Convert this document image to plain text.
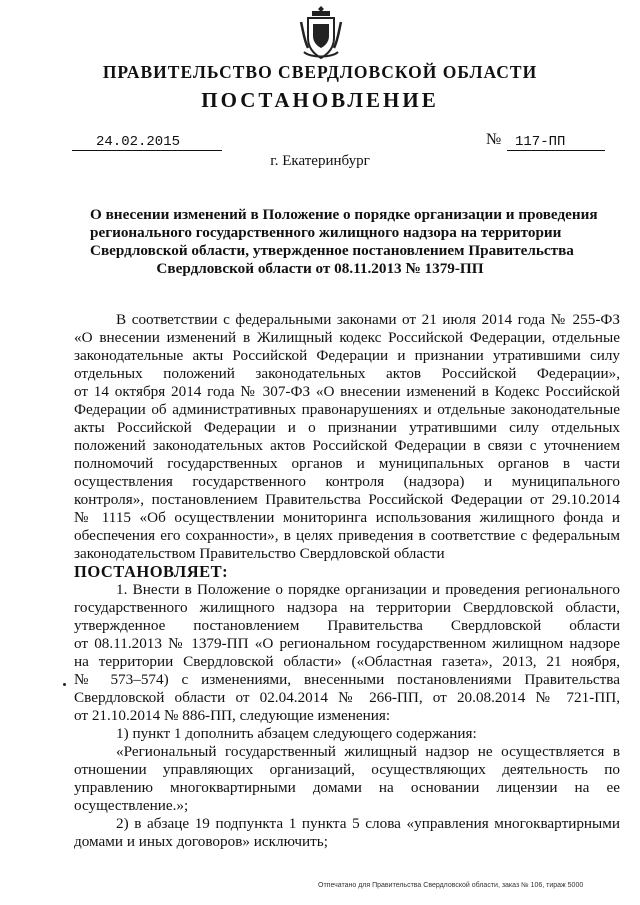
ПРАВИТЕЛЬСТВО СВЕРДЛОВСКОЙ ОБЛАСТИ
ПОСТАНОВЛЕНИЕ
24.02.2015	№ 117-ПП
г. Екатеринбург
О внесении изменений в Положение о порядке организации и проведения
регионального государственного жилищного надзора на территории
Свердловской области, утвержденное постановлением Правительства
Свердловской области от 08.11.2013 № 1379-ПП
В соответствии с федеральными законами от 21 июля 2014 года № 255-ФЗ
«О внесении изменений в Жилищный кодекс Российской Федерации, отдельные
законодательные акты Российской Федерации и признании утратившими силу
отдельных положений законодательных актов Российской Федерации»,
от 14 октября 2014 года № 307-ФЗ «О внесении изменений в Кодекс Российской
Федерации об административных правонарушениях и отдельные законодательные
акты Российской Федерации и о признании утратившими силу отдельных
положений законодательных актов Российской Федерации в связи с уточнением
полномочий государственных органов и муниципальных органов в части
осуществления государственного контроля (надзора) и муниципального
контроля», постановлением Правительства Российской Федерации от 29.10.2014
№ 1115 «Об осуществлении мониторинга использования жилищного фонда и
обеспечения его сохранности», в целях приведения в соответствие с федеральным
законодательством Правительство Свердловской области
ПОСТАНОВЛЯЕТ:
1. Внести в Положение о порядке организации и проведения регионального
государственного жилищного надзора на территории Свердловской области,
утвержденное постановлением Правительства Свердловской области
от 08.11.2013 № 1379-ПП «О региональном государственном жилищном надзоре
на территории Свердловской области» («Областная газета», 2013, 21 ноября,
№ 573–574) с изменениями, внесенными постановлениями Правительства
Свердловской области от 02.04.2014 № 266-ПП, от 20.08.2014 № 721-ПП,
от 21.10.2014 № 886-ПП, следующие изменения:
1) пункт 1 дополнить абзацем следующего содержания:
«Региональный государственный жилищный надзор не осуществляется в
отношении управляющих организаций, осуществляющих деятельность по
управлению многоквартирными домами на основании лицензии на ее
осуществление.»;
2) в абзаце 19 подпункта 1 пункта 5 слова «управления многоквартирными
домами и иных договоров» исключить;
Отпечатано для Правительства Свердловской области, заказ № 106, тираж 5000
